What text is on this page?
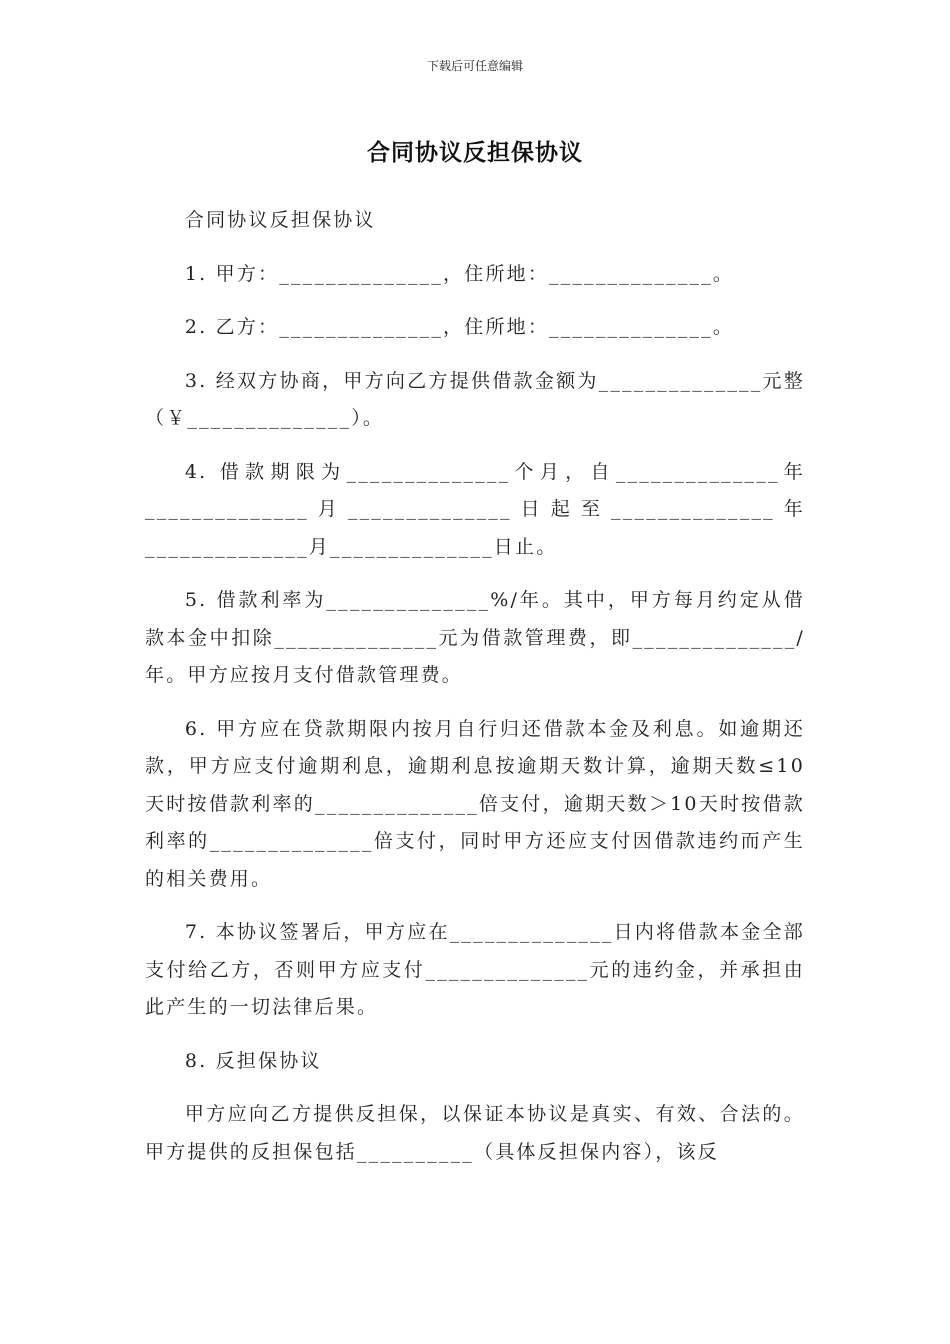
下载后可任意编辑
合同协议反担保协议

合同协议反担保协议

1. 甲方：______________，住所地：______________。

2. 乙方：______________，住所地：______________。

3. 经双方协商，甲方向乙方提供借款金额为______________元整（￥______________）。

4. 借款期限为______________个月，自______________年______________月______________日起至______________年______________月______________日止。

5. 借款利率为______________%/年。其中，甲方每月约定从借款本金中扣除______________元为借款管理费，即______________/年。甲方应按月支付借款管理费。

6. 甲方应在贷款期限内按月自行归还借款本金及利息。如逾期还款，甲方应支付逾期利息，逾期利息按逾期天数计算，逾期天数≤10天时按借款利率的______________倍支付，逾期天数＞10天时按借款利率的______________倍支付，同时甲方还应支付因借款违约而产生的相关费用。

7. 本协议签署后，甲方应在______________日内将借款本金全部支付给乙方，否则甲方应支付______________元的违约金，并承担由此产生的一切法律后果。

8. 反担保协议

甲方应向乙方提供反担保，以保证本协议是真实、有效、合法的。甲方提供的反担保包括__________（具体反担保内容），该反
